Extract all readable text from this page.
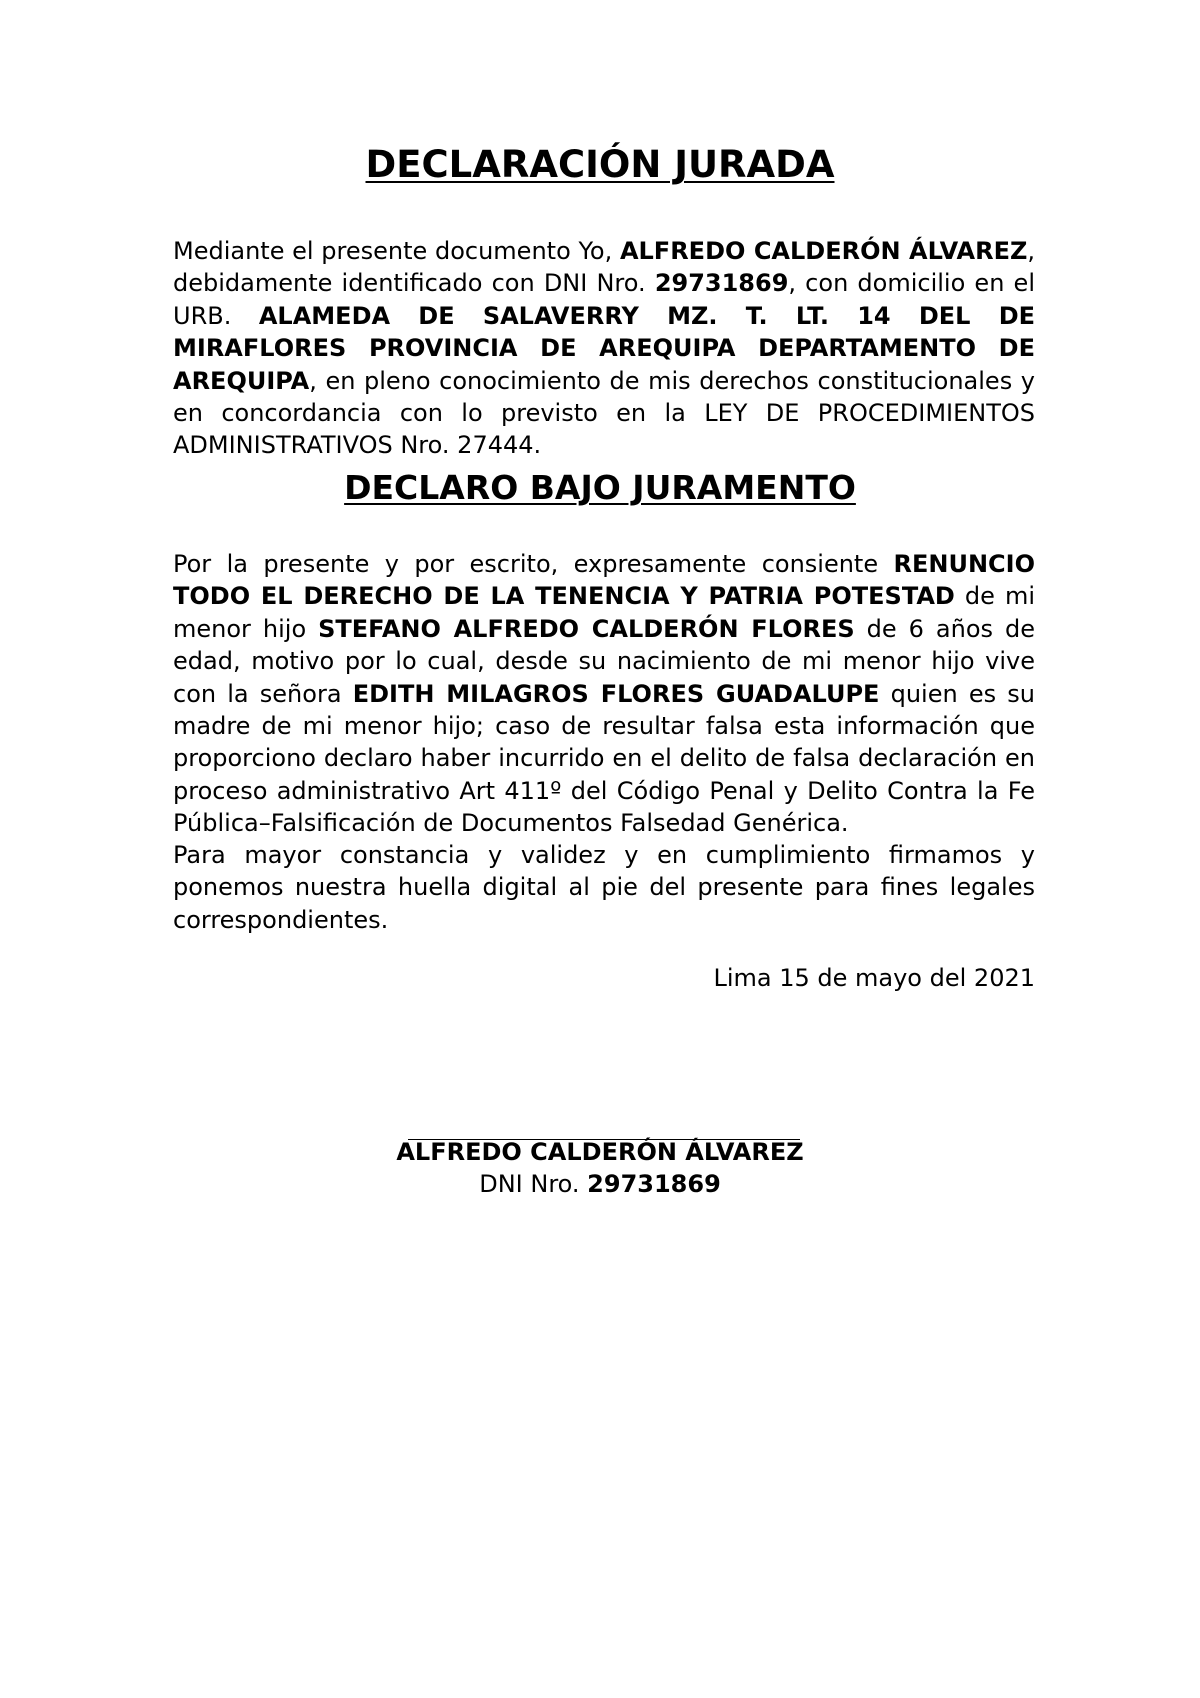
DECLARACIÓN JURADA

Mediante el presente documento Yo, ALFREDO CALDERÓN ÁLVAREZ, debidamente identificado con DNI Nro. 29731869, con domicilio en el URB. ALAMEDA DE SALAVERRY MZ. T. LT. 14 DEL DE MIRAFLORES PROVINCIA DE AREQUIPA DEPARTAMENTO DE AREQUIPA, en pleno conocimiento de mis derechos constitucionales y en concordancia con lo previsto en la LEY DE PROCEDIMIENTOS ADMINISTRATIVOS Nro. 27444.

DECLARO BAJO JURAMENTO

Por la presente y por escrito, expresamente consiente RENUNCIO TODO EL DERECHO DE LA TENENCIA Y PATRIA POTESTAD de mi menor hijo STEFANO ALFREDO CALDERÓN FLORES de 6 años de edad, motivo por lo cual, desde su nacimiento de mi menor hijo vive con la señora EDITH MILAGROS FLORES GUADALUPE quien es su madre de mi menor hijo; caso de resultar falsa esta información que proporciono declaro haber incurrido en el delito de falsa declaración en proceso administrativo Art 411º del Código Penal y Delito Contra la Fe Pública–Falsificación de Documentos Falsedad Genérica.

Para mayor constancia y validez y en cumplimiento firmamos y ponemos nuestra huella digital al pie del presente para fines legales correspondientes.

Lima 15 de mayo del 2021

ALFREDO CALDERÓN ÁLVAREZ

DNI Nro. 29731869
